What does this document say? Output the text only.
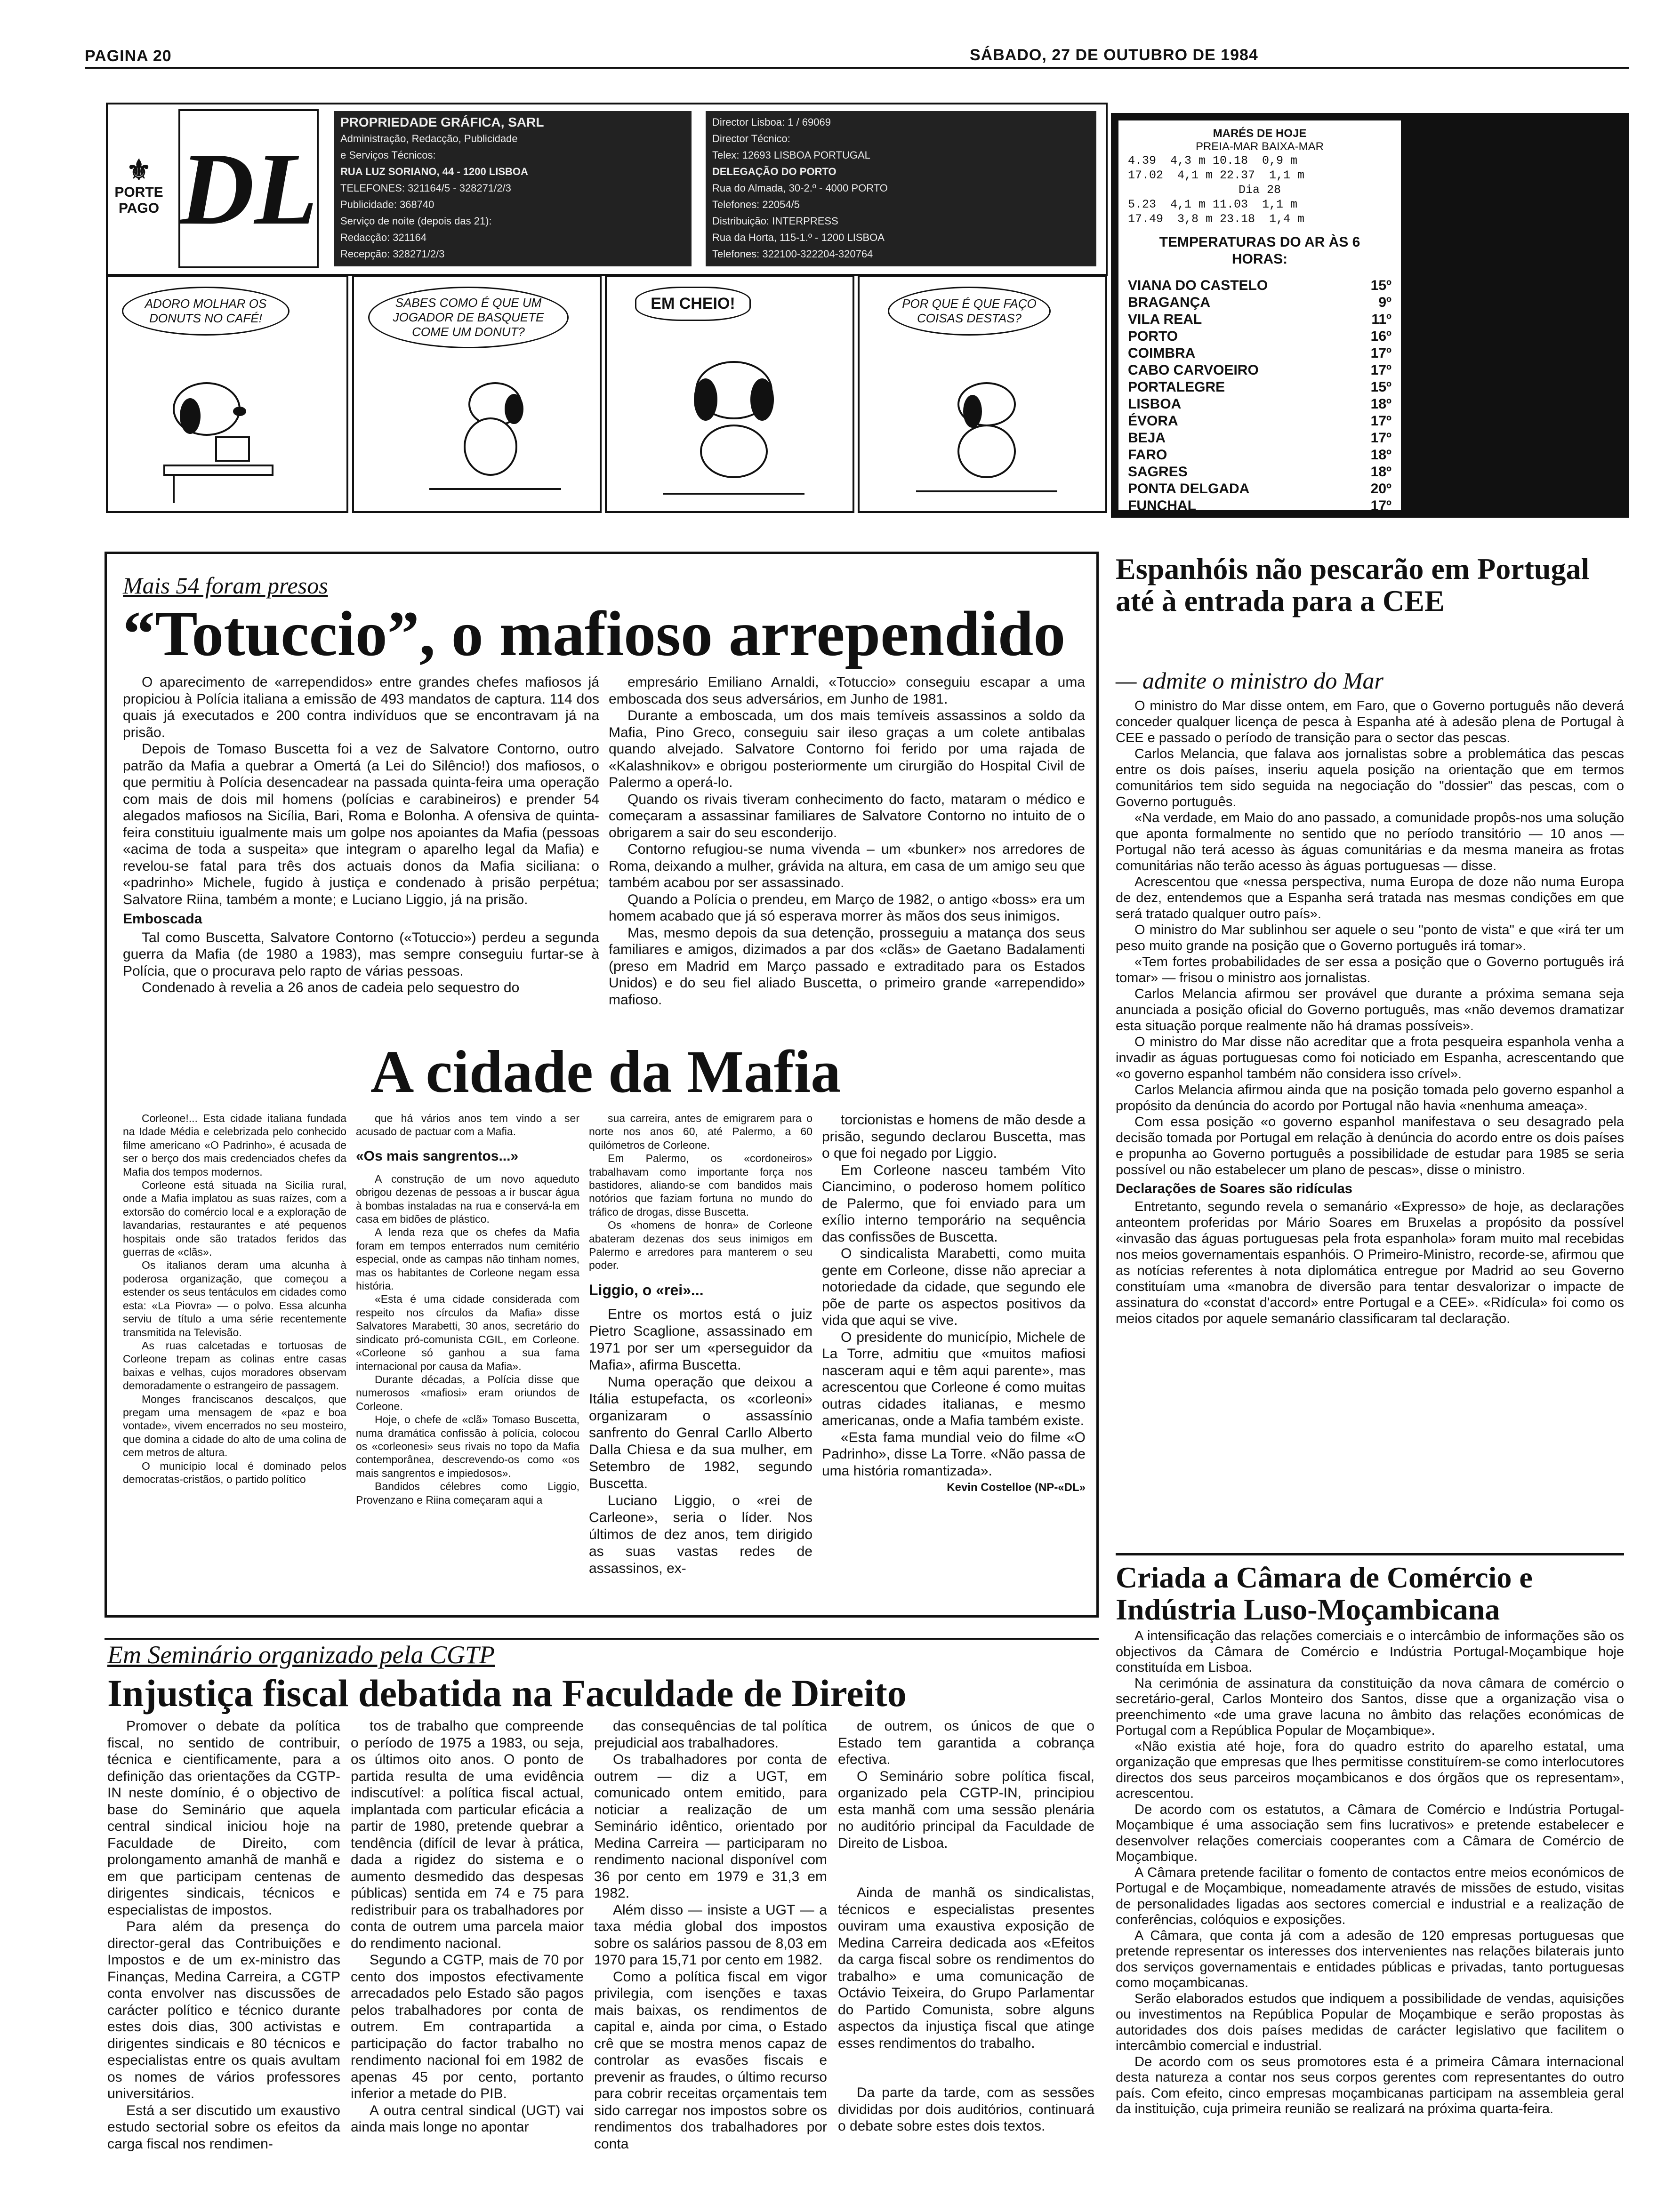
PAGINA 20	SÁBADO, 27 DE OUTUBRO DE 1984
⚜
PORTE PAGO DL
PROPRIEDADE GRÁFICA, SARL
Administração, Redacção, Publicidade
e Serviços Técnicos:
RUA LUZ SORIANO, 44 - 1200 LISBOA
TELEFONES: 321164/5 - 328271/2/3
Publicidade: 368740
Serviço de noite (depois das 21):
Redacção: 321164
Recepção: 328271/2/3
Director Lisboa: 1 / 69069
Director Técnico:
Telex: 12693 LISBOA PORTUGAL
DELEGAÇÃO DO PORTO
Rua do Almada, 30-2.º - 4000 PORTO
Telefones: 22054/5
Distribuição: INTERPRESS
Rua da Horta, 115-1.º - 1200 LISBOA
Telefones: 322100-322204-320764
MARÉS DE HOJE
PREIA-MAR BAIXA-MAR
4.39  4,3 m 10.18  0,9 m
17.02  4,1 m 22.37  1,1 m
Dia 28
5.23  4,1 m 11.03  1,1 m
17.49  3,8 m 23.18  1,4 m
TEMPERATURAS DO AR ÀS 6 HORAS:
VIANA DO CASTELO	15º
BRAGANÇA	9º
VILA REAL	11º
PORTO	16º
COIMBRA	17º
CABO CARVOEIRO	17º
PORTALEGRE	15º
LISBOA	18º
ÉVORA	17º
BEJA	17º
FARO	18º
SAGRES	18º
PONTA DELGADA	20º
FUNCHAL	17º
ADORO MOLHAR OS DONUTS NO CAFÉ!
SABES COMO É QUE UM JOGADOR DE BASQUETE COME UM DONUT?
EM CHEIO!	POR QUE É QUE FAÇO COISAS DESTAS?
Mais 54 foram presos
“Totuccio”, o mafioso arrependido

O aparecimento de «arrependidos» entre grandes chefes mafiosos já propiciou à Polícia italiana a emissão de 493 mandatos de captura. 114 dos quais já executados e 200 contra indivíduos que se encontravam já na prisão.

Depois de Tomaso Buscetta foi a vez de Salvatore Contorno, outro patrão da Mafia a quebrar a Omertá (a Lei do Silêncio!) dos mafiosos, o que permitiu à Polícia desencadear na passada quinta-feira uma operação com mais de dois mil homens (polícias e carabineiros) e prender 54 alegados mafiosos na Sicília, Bari, Roma e Bolonha. A ofensiva de quinta-feira constituiu igualmente mais um golpe nos apoiantes da Mafia (pessoas «acima de toda a suspeita» que integram o aparelho legal da Mafia) e revelou-se fatal para três dos actuais donos da Mafia siciliana: o «padrinho» Michele, fugido à justiça e condenado à prisão perpétua; Salvatore Riina, também a monte; e Luciano Liggio, já na prisão.

Emboscada

Tal como Buscetta, Salvatore Contorno («Totuccio») perdeu a segunda guerra da Mafia (de 1980 a 1983), mas sempre conseguiu furtar-se à Polícia, que o procurava pelo rapto de várias pessoas.

Condenado à revelia a 26 anos de cadeia pelo sequestro do

empresário Emiliano Arnaldi, «Totuccio» conseguiu escapar a uma emboscada dos seus adversários, em Junho de 1981.

Durante a emboscada, um dos mais temíveis assassinos a soldo da Mafia, Pino Greco, conseguiu sair ileso graças a um colete antibalas quando alvejado. Salvatore Contorno foi ferido por uma rajada de «Kalashnikov» e obrigou posteriormente um cirurgião do Hospital Civil de Palermo a operá-lo.

Quando os rivais tiveram conhecimento do facto, mataram o médico e começaram a assassinar familiares de Salvatore Contorno no intuito de o obrigarem a sair do seu esconderijo.

Contorno refugiou-se numa vivenda – um «bunker» nos arredores de Roma, deixando a mulher, grávida na altura, em casa de um amigo seu que também acabou por ser assassinado.

Quando a Polícia o prendeu, em Março de 1982, o antigo «boss» era um homem acabado que já só esperava morrer às mãos dos seus inimigos.

Mas, mesmo depois da sua detenção, prosseguiu a matança dos seus familiares e amigos, dizimados a par dos «clãs» de Gaetano Badalamenti (preso em Madrid em Março passado e extraditado para os Estados Unidos) e do seu fiel aliado Buscetta, o primeiro grande «arrependido» mafioso.

A cidade da Mafia

Corleone!... Esta cidade italiana fundada na Idade Média e celebrizada pelo conhecido filme americano «O Padrinho», é acusada de ser o berço dos mais credenciados chefes da Mafia dos tempos modernos.

Corleone está situada na Sicília rural, onde a Mafia implatou as suas raízes, com a extorsão do comércio local e a exploração de lavandarias, restaurantes e até pequenos hospitais onde são tratados feridos das guerras de «clãs».

Os italianos deram uma alcunha à poderosa organização, que começou a estender os seus tentáculos em cidades como esta: «La Piovra» — o polvo. Essa alcunha serviu de título a uma série recentemente transmitida na Televisão.

As ruas calcetadas e tortuosas de Corleone trepam as colinas entre casas baixas e velhas, cujos moradores observam demoradamente o estrangeiro de passagem.

Monges franciscanos descalços, que pregam uma mensagem de «paz e boa vontade», vivem encerrados no seu mosteiro, que domina a cidade do alto de uma colina de cem metros de altura.

O município local é dominado pelos democratas-cristãos, o partido político

que há vários anos tem vindo a ser acusado de pactuar com a Mafia.

«Os mais sangrentos...»

A construção de um novo aqueduto obrigou dezenas de pessoas a ir buscar água à bombas instaladas na rua e conservá-la em casa em bidões de plástico.

A lenda reza que os chefes da Mafia foram em tempos enterrados num cemitério especial, onde as campas não tinham nomes, mas os habitantes de Corleone negam essa história.

«Esta é uma cidade considerada com respeito nos círculos da Mafia» disse Salvatores Marabetti, 30 anos, secretário do sindicato pró-comunista CGIL, em Corleone. «Corleone só ganhou a sua fama internacional por causa da Mafia».

Durante décadas, a Polícia disse que numerosos «mafiosi» eram oriundos de Corleone.

Hoje, o chefe de «clã» Tomaso Buscetta, numa dramática confissão à polícia, colocou os «corleonesi» seus rivais no topo da Mafia contemporânea, descrevendo-os como «os mais sangrentos e impiedosos».

Bandidos célebres como Liggio, Provenzano e Riina começaram aqui a

sua carreira, antes de emigrarem para o norte nos anos 60, até Palermo, a 60 quilómetros de Corleone.

Em Palermo, os «cordoneiros» trabalhavam como importante força nos bastidores, aliando-se com bandidos mais notórios que faziam fortuna no mundo do tráfico de drogas, disse Buscetta.

Os «homens de honra» de Corleone abateram dezenas dos seus inimigos em Palermo e arredores para manterem o seu poder.

Liggio, o «rei»...

Entre os mortos está o juiz Pietro Scaglione, assassinado em 1971 por ser um «perseguidor da Mafia», afirma Buscetta.

Numa operação que deixou a Itália estupefacta, os «corleoni» organizaram o assassínio sanfrento do Genral Carllo Alberto Dalla Chiesa e da sua mulher, em Setembro de 1982, segundo Buscetta.

Luciano Liggio, o «rei de Carleone», seria o líder. Nos últimos de dez anos, tem dirigido as suas vastas redes de assassinos, ex-

torcionistas e homens de mão desde a prisão, segundo declarou Buscetta, mas o que foi negado por Liggio.

Em Corleone nasceu também Vito Ciancimino, o poderoso homem político de Palermo, que foi enviado para um exílio interno temporário na sequência das confissões de Buscetta.

O sindicalista Marabetti, como muita gente em Corleone, disse não apreciar a notoriedade da cidade, que segundo ele põe de parte os aspectos positivos da vida que aqui se vive.

O presidente do município, Michele de La Torre, admitiu que «muitos mafiosi nasceram aqui e têm aqui parente», mas acrescentou que Corleone é como muitas outras cidades italianas, e mesmo americanas, onde a Mafia também existe.

«Esta fama mundial veio do filme «O Padrinho», disse La Torre. «Não passa de uma história romantizada».

Kevin Costelloe (NP-«DL»
Espanhóis não pescarão em Portugal até à entrada para a CEE
— admite o ministro do Mar

O ministro do Mar disse ontem, em Faro, que o Governo português não deverá conceder qualquer licença de pesca à Espanha até à adesão plena de Portugal à CEE e passado o período de transição para o sector das pescas.

Carlos Melancia, que falava aos jornalistas sobre a problemática das pescas entre os dois países, inseriu aquela posição na orientação que em termos comunitários tem sido seguida na negociação do "dossier" das pescas, com o Governo português.

«Na verdade, em Maio do ano passado, a comunidade propôs-nos uma solução que aponta formalmente no sentido que no período transitório — 10 anos — Portugal não terá acesso às águas comunitárias e da mesma maneira as frotas comunitárias não terão acesso às águas portuguesas — disse.

Acrescentou que «nessa perspectiva, numa Europa de doze não numa Europa de dez, entendemos que a Espanha será tratada nas mesmas condições em que será tratado qualquer outro país».

O ministro do Mar sublinhou ser aquele o seu "ponto de vista" e que «irá ter um peso muito grande na posição que o Governo português irá tomar».

«Tem fortes probabilidades de ser essa a posição que o Governo português irá tomar» — frisou o ministro aos jornalistas.

Carlos Melancia afirmou ser provável que durante a próxima semana seja anunciada a posição oficial do Governo português, mas «não devemos dramatizar esta situação porque realmente não há dramas possíveis».

O ministro do Mar disse não acreditar que a frota pesqueira espanhola venha a invadir as águas portuguesas como foi noticiado em Espanha, acrescentando que «o governo espanhol também não considera isso crível».

Carlos Melancia afirmou ainda que na posição tomada pelo governo espanhol a propósito da denúncia do acordo por Portugal não havia «nenhuma ameaça».

Com essa posição «o governo espanhol manifestava o seu desagrado pela decisão tomada por Portugal em relação à denúncia do acordo entre os dois países e propunha ao Governo português a possibilidade de estudar para 1985 se seria possível ou não estabelecer um plano de pescas», disse o ministro.

Declarações de Soares são ridículas

Entretanto, segundo revela o semanário «Expresso» de hoje, as declarações anteontem proferidas por Mário Soares em Bruxelas a propósito da possível «invasão das águas portuguesas pela frota espanhola» foram muito mal recebidas nos meios governamentais espanhóis. O Primeiro-Ministro, recorde-se, afirmou que as notícias referentes à nota diplomática entregue por Madrid ao seu Governo constituíam uma «manobra de diversão para tentar desvalorizar o impacte de assinatura do «constat d'accord» entre Portugal e a CEE». «Ridícula» foi como os meios citados por aquele semanário classificaram tal declaração.

Criada a Câmara de Comércio e Indústria Luso-Moçambicana

A intensificação das relações comerciais e o intercâmbio de informações são os objectivos da Câmara de Comércio e Indústria Portugal-Moçambique hoje constituída em Lisboa.

Na cerimónia de assinatura da constituição da nova câmara de comércio o secretário-geral, Carlos Monteiro dos Santos, disse que a organização visa o preenchimento «de uma grave lacuna no âmbito das relações económicas de Portugal com a República Popular de Moçambique».

«Não existia até hoje, fora do quadro estrito do aparelho estatal, uma organização que empresas que lhes permitisse constituírem-se como interlocutores directos dos seus parceiros moçambicanos e dos órgãos que os representam», acrescentou.

De acordo com os estatutos, a Câmara de Comércio e Indústria Portugal-Moçambique é uma associação sem fins lucrativos» e pretende estabelecer e desenvolver relações comerciais cooperantes com a Câmara de Comércio de Moçambique.

A Câmara pretende facilitar o fomento de contactos entre meios económicos de Portugal e de Moçambique, nomeadamente através de missões de estudo, visitas de personalidades ligadas aos sectores comercial e industrial e a realização de conferências, colóquios e exposições.

A Câmara, que conta já com a adesão de 120 empresas portuguesas que pretende representar os interesses dos intervenientes nas relações bilaterais junto dos serviços governamentais e entidades públicas e privadas, tanto portuguesas como moçambicanas.

Serão elaborados estudos que indiquem a possibilidade de vendas, aquisições ou investimentos na República Popular de Moçambique e serão propostas às autoridades dos dois países medidas de carácter legislativo que facilitem o intercâmbio comercial e industrial.

De acordo com os seus promotores esta é a primeira Câmara internacional desta natureza a contar nos seus corpos gerentes com representantes do outro país. Com efeito, cinco empresas moçambicanas participam na assembleia geral da instituição, cuja primeira reunião se realizará na próxima quarta-feira.

Em Seminário organizado pela CGTP
Injustiça fiscal debatida na Faculdade de Direito

Promover o debate da política fiscal, no sentido de contribuir, técnica e cientificamente, para a definição das orientações da CGTP-IN neste domínio, é o objectivo de base do Seminário que aquela central sindical iniciou hoje na Faculdade de Direito, com prolongamento amanhã de manhã e em que participam centenas de dirigentes sindicais, técnicos e especialistas de impostos.

Para além da presença do director-geral das Contribuições e Impostos e de um ex-ministro das Finanças, Medina Carreira, a CGTP conta envolver nas discussões de carácter político e técnico durante estes dois dias, 300 activistas e dirigentes sindicais e 80 técnicos e especialistas entre os quais avultam os nomes de vários professores universitários.

Está a ser discutido um exaustivo estudo sectorial sobre os efeitos da carga fiscal nos rendimen-

tos de trabalho que compreende o período de 1975 a 1983, ou seja, os últimos oito anos. O ponto de partida resulta de uma evidência indiscutível: a política fiscal actual, implantada com particular eficácia a partir de 1980, pretende quebrar a tendência (difícil de levar à prática, dada a rigidez do sistema e o aumento desmedido das despesas públicas) sentida em 74 e 75 para redistribuir para os trabalhadores por conta de outrem uma parcela maior do rendimento nacional.

Segundo a CGTP, mais de 70 por cento dos impostos efectivamente arrecadados pelo Estado são pagos pelos trabalhadores por conta de outrem. Em contrapartida a participação do factor trabalho no rendimento nacional foi em 1982 de apenas 45 por cento, portanto inferior a metade do PIB.

A outra central sindical (UGT) vai ainda mais longe no apontar

das consequências de tal política prejudicial aos trabalhadores.

Os trabalhadores por conta de outrem — diz a UGT, em comunicado ontem emitido, para noticiar a realização de um Seminário idêntico, orientado por Medina Carreira — participaram no rendimento nacional disponível com 36 por cento em 1979 e 31,3 em 1982.

Além disso — insiste a UGT — a taxa média global dos impostos sobre os salários passou de 8,03 em 1970 para 15,71 por cento em 1982.

Como a política fiscal em vigor privilegia, com isenções e taxas mais baixas, os rendimentos de capital e, ainda por cima, o Estado crê que se mostra menos capaz de controlar as evasões fiscais e prevenir as fraudes, o último recurso para cobrir receitas orçamentais tem sido carregar nos impostos sobre os rendimentos dos trabalhadores por conta

de outrem, os únicos de que o Estado tem garantida a cobrança efectiva.

O Seminário sobre política fiscal, organizado pela CGTP-IN, principiou esta manhã com uma sessão plenária no auditório principal da Faculdade de Direito de Lisboa.

Ainda de manhã os sindicalistas, técnicos e especialistas presentes ouviram uma exaustiva exposição de Medina Carreira dedicada aos «Efeitos da carga fiscal sobre os rendimentos do trabalho» e uma comunicação de Octávio Teixeira, do Grupo Parlamentar do Partido Comunista, sobre alguns aspectos da injustiça fiscal que atinge esses rendimentos do trabalho.

Da parte da tarde, com as sessões divididas por dois auditórios, continuará o debate sobre estes dois textos.
